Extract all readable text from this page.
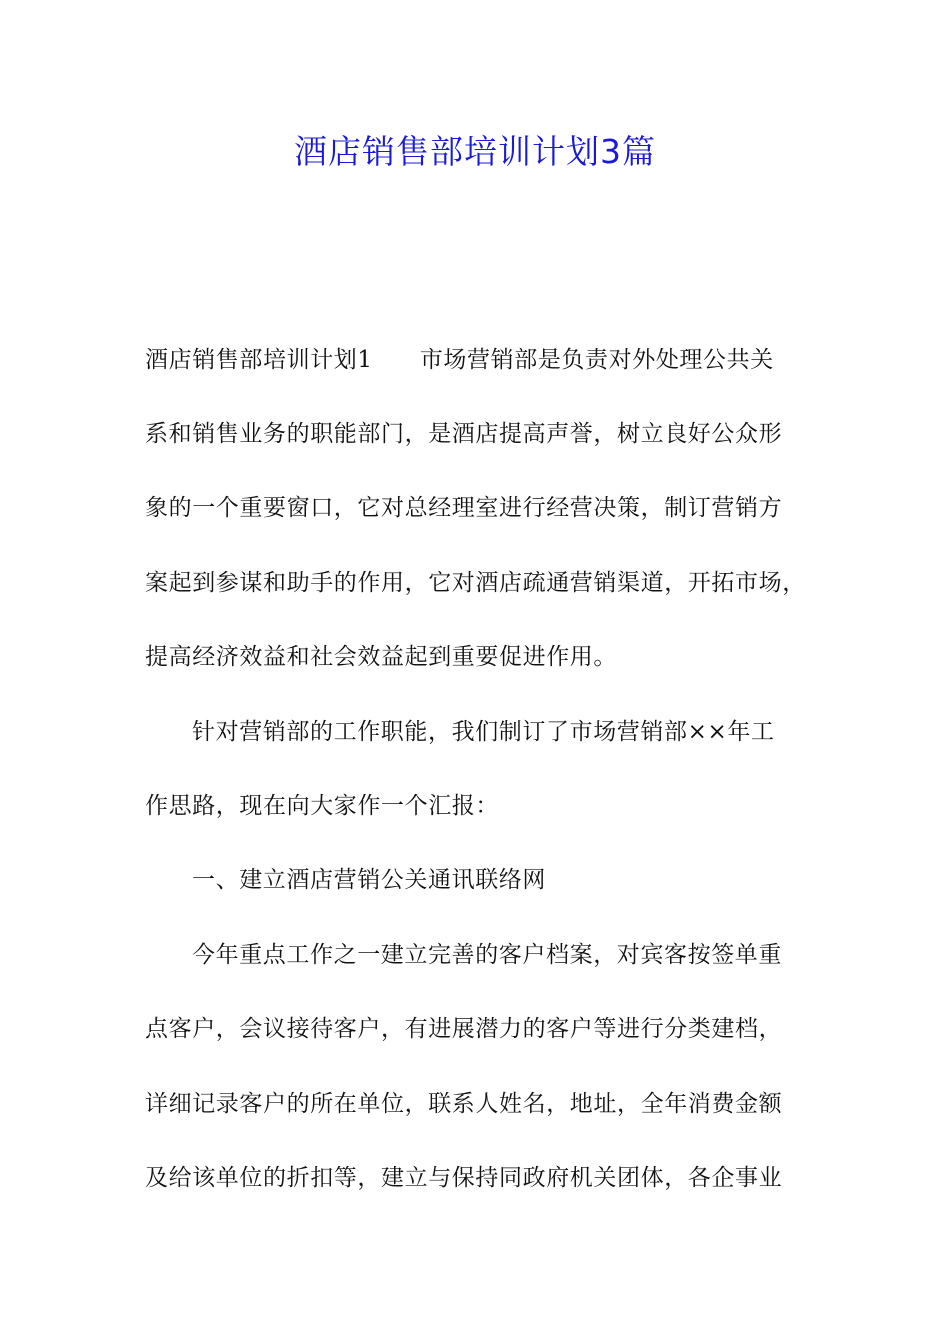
酒店销售部培训计划3篇
酒店销售部培训计划1　　市场营销部是负责对外处理公共关
系和销售业务的职能部门，是酒店提高声誉，树立良好公众形
象的一个重要窗口，它对总经理室进行经营决策，制订营销方
案起到参谋和助手的作用，它对酒店疏通营销渠道，开拓市场，
提高经济效益和社会效益起到重要促进作用。
针对营销部的工作职能，我们制订了市场营销部××年工
作思路，现在向大家作一个汇报：
一、建立酒店营销公关通讯联络网
今年重点工作之一建立完善的客户档案，对宾客按签单重
点客户，会议接待客户，有进展潜力的客户等进行分类建档，
详细记录客户的所在单位，联系人姓名，地址，全年消费金额
及给该单位的折扣等，建立与保持同政府机关团体，各企事业
